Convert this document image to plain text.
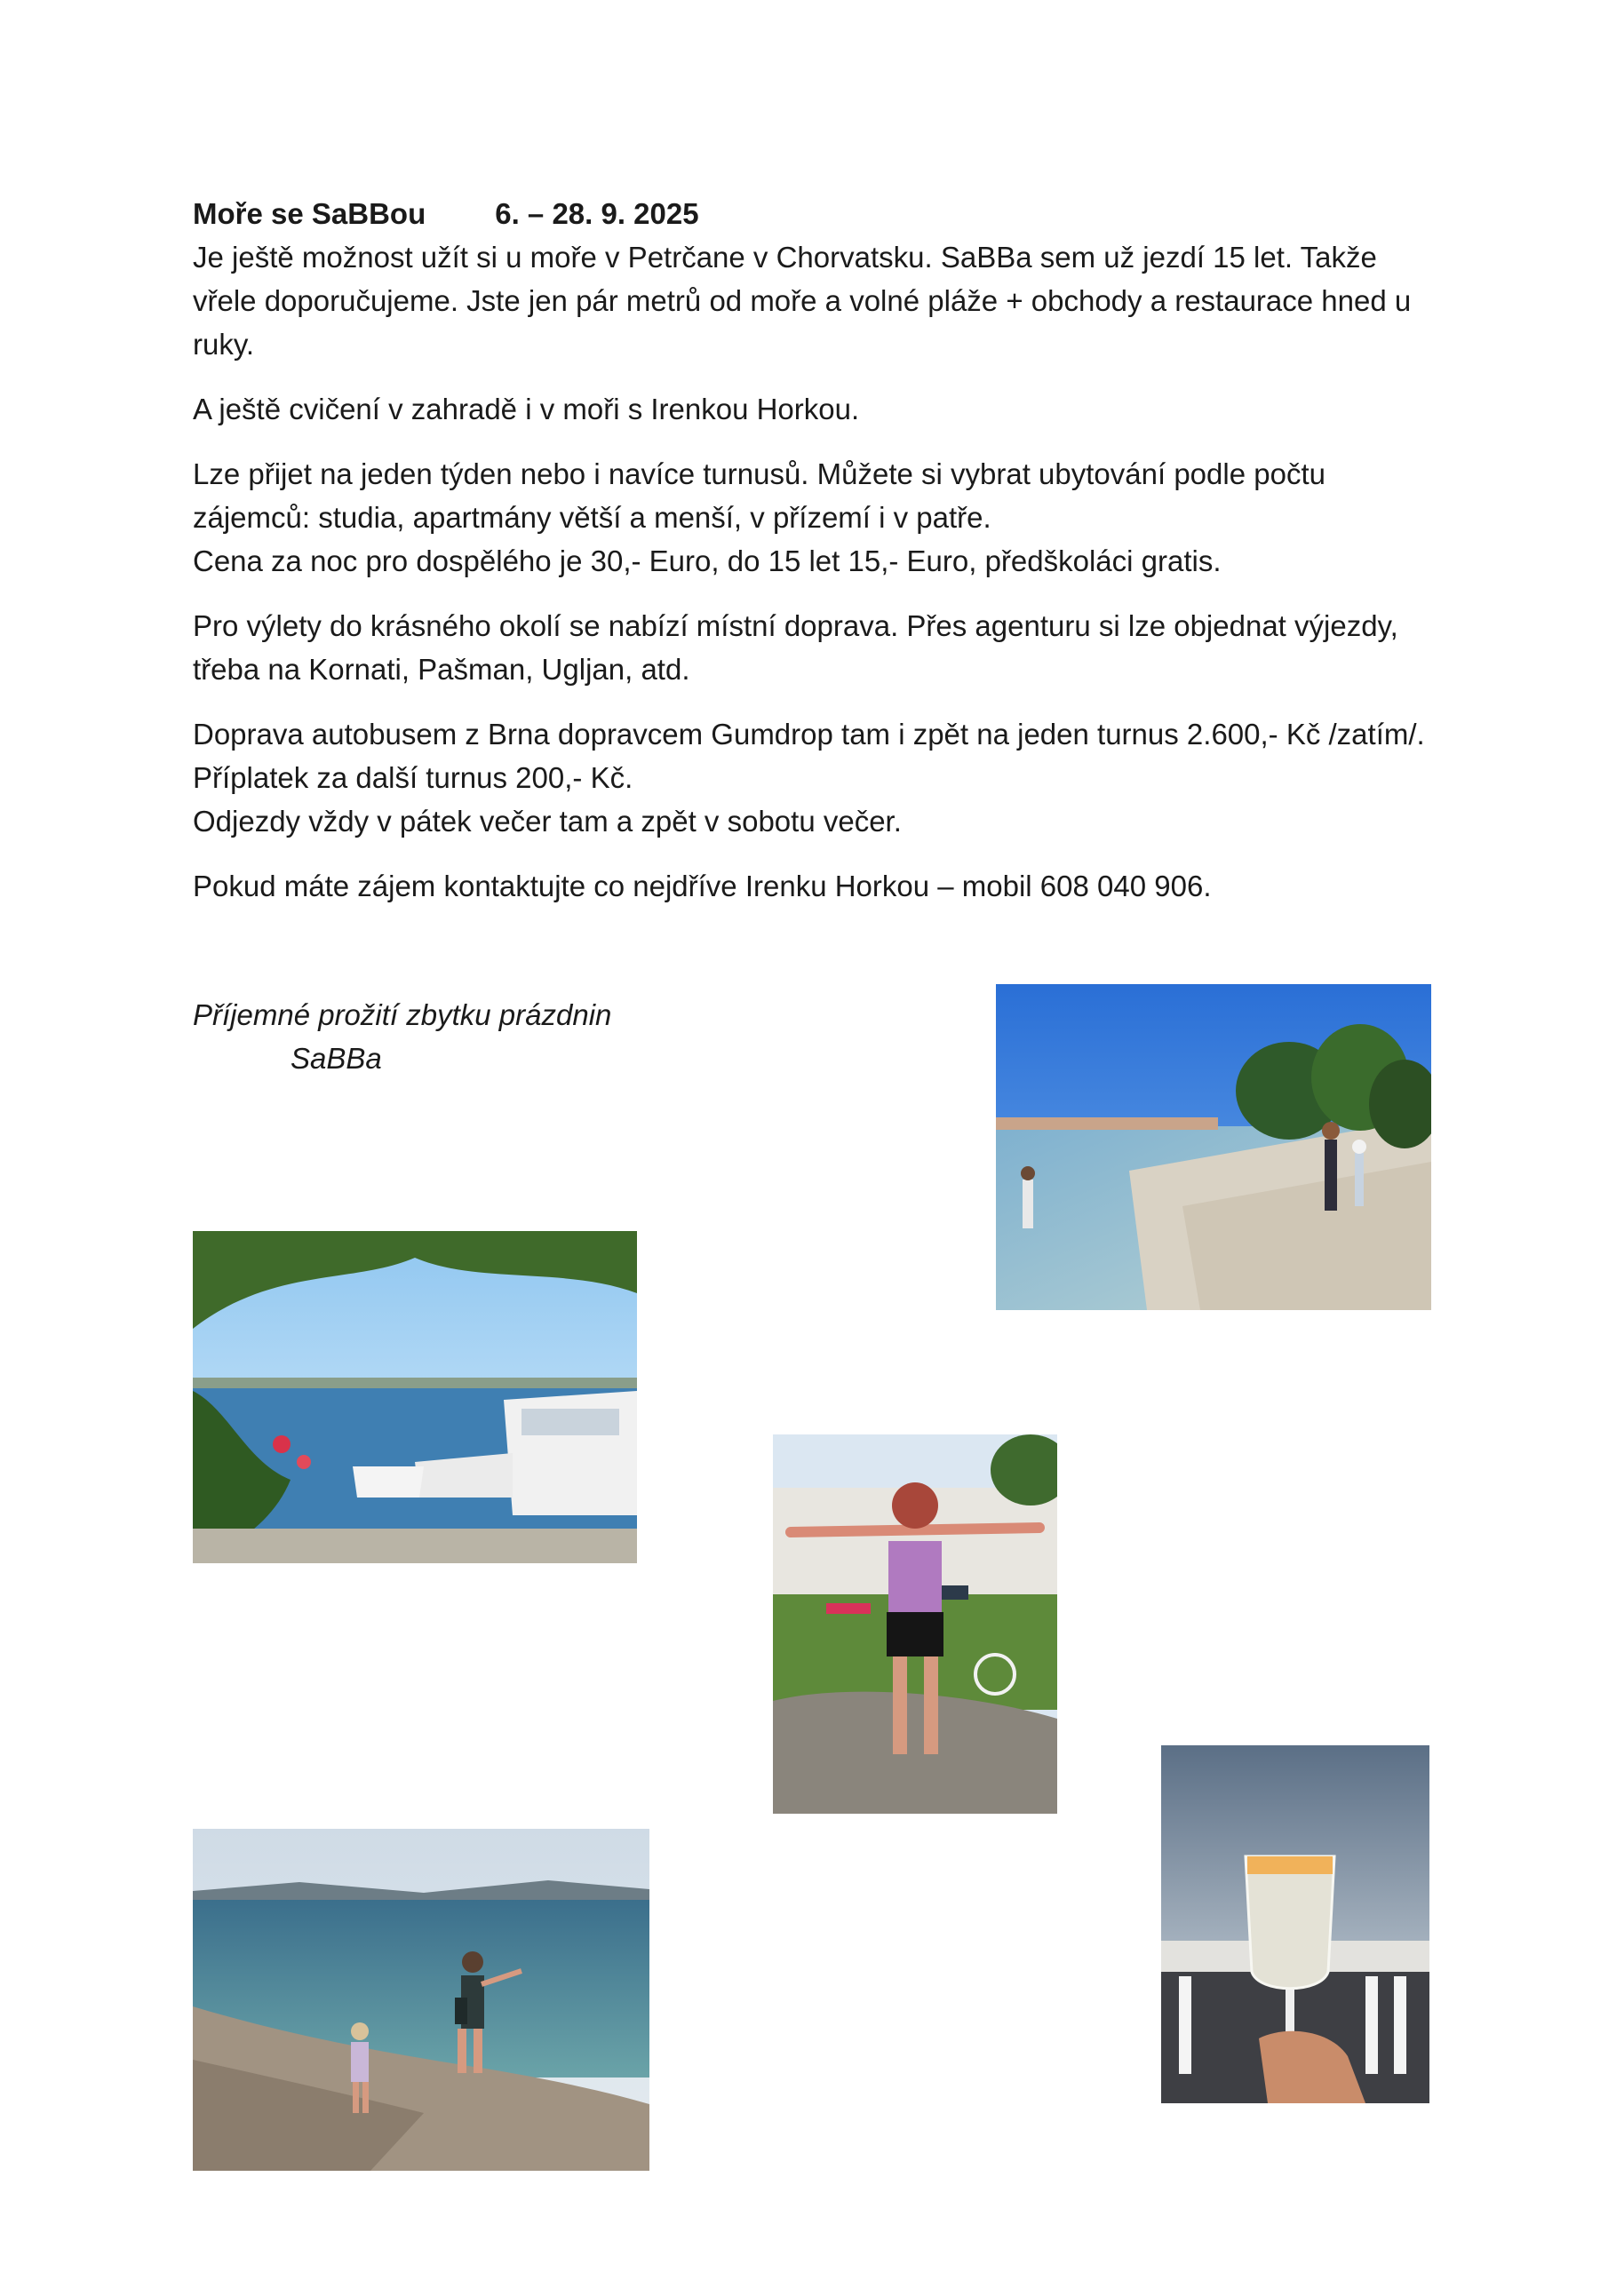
Moře se SaBBou 6. – 28. 9. 2025

Je ještě možnost užít si u moře v Petrčane v Chorvatsku. SaBBa sem už jezdí 15 let. Takže vřele doporučujeme. Jste jen pár metrů od moře a volné pláže + obchody a restaurace hned u ruky.

A ještě cvičení v zahradě i v moři s Irenkou Horkou.

Lze přijet na jeden týden nebo i navíce turnusů. Můžete si vybrat ubytování podle počtu zájemců: studia, apartmány větší a menší, v přízemí i v patře.
Cena za noc pro dospělého je 30,- Euro, do 15 let 15,- Euro, předškoláci gratis.

Pro výlety do krásného okolí se nabízí místní doprava. Přes agenturu si lze objednat výjezdy, třeba na Kornati, Pašman, Ugljan, atd.

Doprava autobusem z Brna dopravcem Gumdrop tam i zpět na jeden turnus 2.600,- Kč /zatím/. Příplatek za další turnus 200,- Kč.
Odjezdy vždy v pátek večer tam a zpět v sobotu večer.

Pokud máte zájem kontaktujte co nejdříve Irenku Horkou – mobil 608 040 906.

Příjemné prožití zbytku prázdnin
SaBBa
